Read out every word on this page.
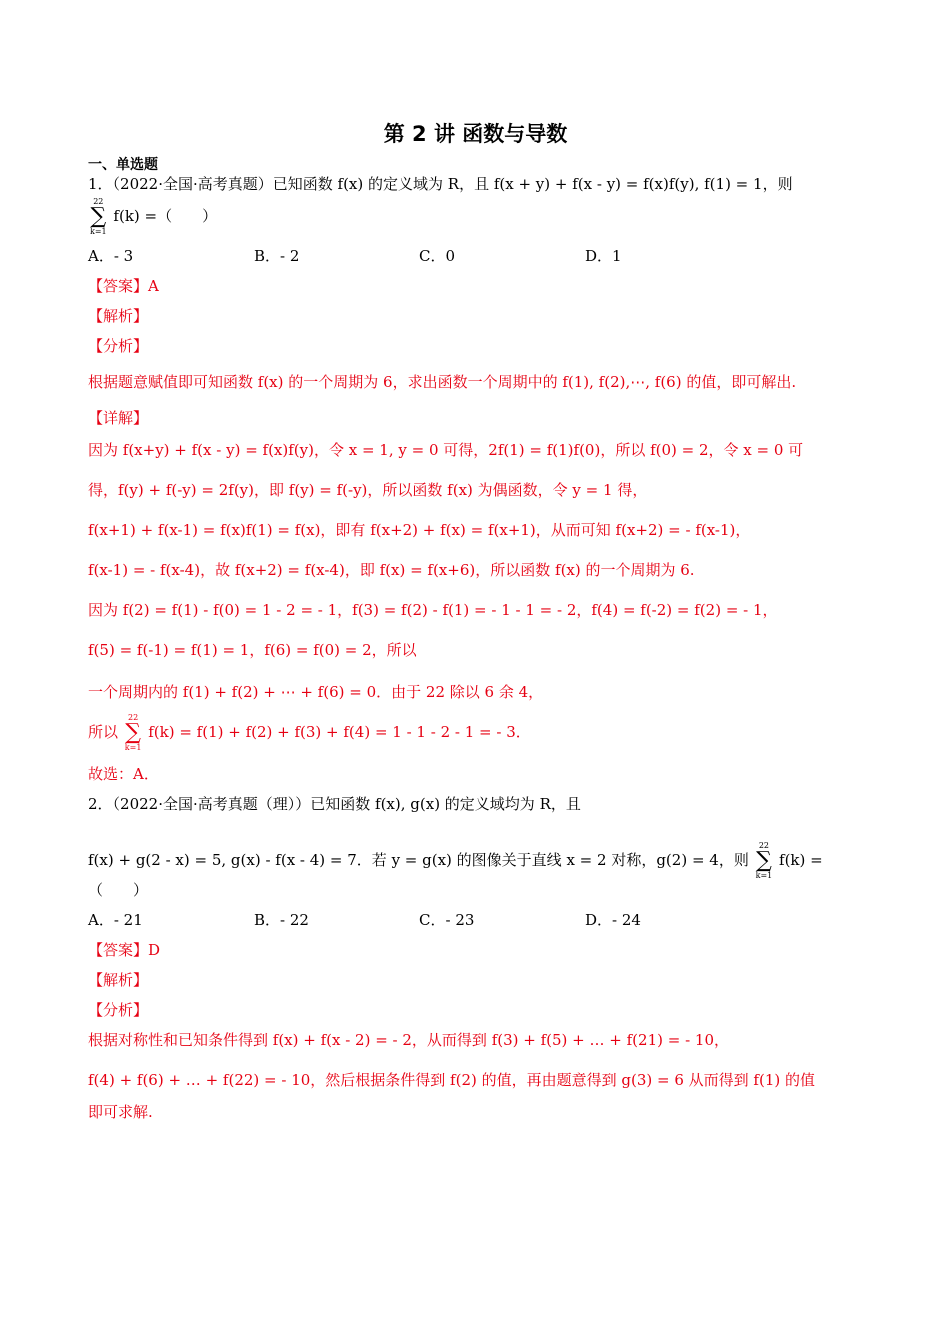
第 2 讲 函数与导数

一、单选题

1．（2022·全国·高考真题）已知函数 f(x) 的定义域为 R，且 f(x + y) + f(x - y) = f(x)f(y), f(1) = 1，则

22
∑
k=1
f(k) =（　　）

A．- 3	B．- 2	C．0	D．1

【答案】A

【解析】

【分析】

根据题意赋值即可知函数 f(x) 的一个周期为 6，求出函数一个周期中的 f(1), f(2),⋯, f(6) 的值，即可解出.

【详解】

因为 f(x+y) + f(x - y) = f(x)f(y)，令 x = 1, y = 0 可得，2f(1) = f(1)f(0)，所以 f(0) = 2，令 x = 0 可

得，f(y) + f(-y) = 2f(y)，即 f(y) = f(-y)，所以函数 f(x) 为偶函数，令 y = 1 得，

f(x+1) + f(x-1) = f(x)f(1) = f(x)，即有 f(x+2) + f(x) = f(x+1)，从而可知 f(x+2) = - f(x-1)，

f(x-1) = - f(x-4)，故 f(x+2) = f(x-4)，即 f(x) = f(x+6)，所以函数 f(x) 的一个周期为 6.

因为 f(2) = f(1) - f(0) = 1 - 2 = - 1，f(3) = f(2) - f(1) = - 1 - 1 = - 2，f(4) = f(-2) = f(2) = - 1，

f(5) = f(-1) = f(1) = 1，f(6) = f(0) = 2，所以

一个周期内的 f(1) + f(2) + ⋯ + f(6) = 0．由于 22 除以 6 余 4，

所以
22
∑
k=1
f(k) = f(1) + f(2) + f(3) + f(4) = 1 - 1 - 2 - 1 = - 3．

故选：A．

2．（2022·全国·高考真题（理））已知函数 f(x), g(x) 的定义域均为 R，且

f(x) + g(2 - x) = 5, g(x) - f(x - 4) = 7．若 y = g(x) 的图像关于直线 x = 2 对称，g(2) = 4，则
22
∑
k=1
f(k) =

（　　）

A．- 21	B．- 22	C．- 23	D．- 24

【答案】D

【解析】

【分析】

根据对称性和已知条件得到 f(x) + f(x - 2) = - 2，从而得到 f(3) + f(5) + … + f(21) = - 10，

f(4) + f(6) + … + f(22) = - 10，然后根据条件得到 f(2) 的值，再由题意得到 g(3) = 6 从而得到 f(1) 的值

即可求解.
